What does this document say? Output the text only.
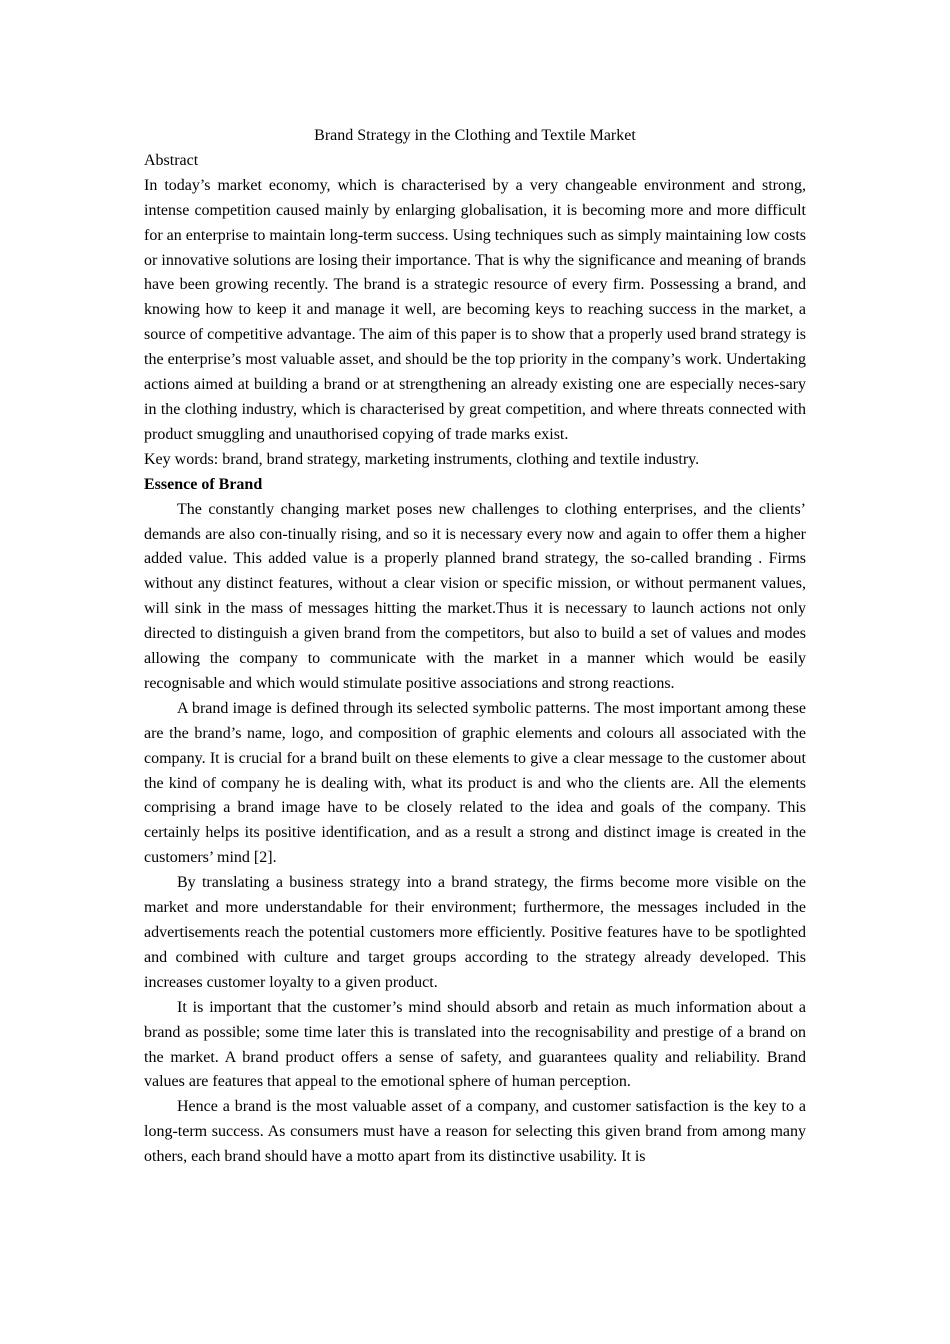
Brand Strategy in the Clothing and Textile Market

Abstract

In today’s market economy, which is characterised by a very changeable environment and strong, intense competition caused mainly by enlarging globalisation, it is becoming more and more difficult for an enterprise to maintain long-term success. Using techniques such as simply maintaining low costs or innovative solutions are losing their importance. That is why the significance and meaning of brands have been growing recently. The brand is a strategic resource of every firm. Possessing a brand, and knowing how to keep it and manage it well, are becoming keys to reaching success in the market, a source of competitive advantage. The aim of this paper is to show that a properly used brand strategy is the enterprise’s most valuable asset, and should be the top priority in the company’s work. Undertaking actions aimed at building a brand or at strengthening an already existing one are especially neces-sary in the clothing industry, which is characterised by great competition, and where threats connected with product smuggling and unauthorised copying of trade marks exist.

Key words: brand, brand strategy, marketing instruments, clothing and textile industry.

Essence of Brand

The constantly changing market poses new challenges to clothing enterprises, and the clients’ demands are also con-tinually rising, and so it is necessary every now and again to offer them a higher added value. This added value is a properly planned brand strategy, the so-called branding . Firms without any distinct features, without a clear vision or specific mission, or without permanent values, will sink in the mass of messages hitting the market.Thus it is necessary to launch actions not only directed to distinguish a given brand from the competitors, but also to build a set of values and modes allowing the company to communicate with the market in a manner which would be easily recognisable and which would stimulate positive associations and strong reactions.

A brand image is defined through its selected symbolic patterns. The most important among these are the brand’s name, logo, and composition of graphic elements and colours all associated with the company. It is crucial for a brand built on these elements to give a clear message to the customer about the kind of company he is dealing with, what its product is and who the clients are. All the elements comprising a brand image have to be closely related to the idea and goals of the company. This certainly helps its positive identification, and as a result a strong and distinct image is created in the customers’ mind [2].

By translating a business strategy into a brand strategy, the firms become more visible on the market and more understandable for their environment; furthermore, the messages included in the advertisements reach the potential customers more efficiently. Positive features have to be spotlighted and combined with culture and target groups according to the strategy already developed. This increases customer loyalty to a given product.

It is important that the customer’s mind should absorb and retain as much information about a brand as possible; some time later this is translated into the recognisability and prestige of a brand on the market. A brand product offers a sense of safety, and guarantees quality and reliability. Brand values are features that appeal to the emotional sphere of human perception.

Hence a brand is the most valuable asset of a company, and customer satisfaction is the key to a long-term success. As consumers must have a reason for selecting this given brand from among many others, each brand should have a motto apart from its distinctive usability. It is
